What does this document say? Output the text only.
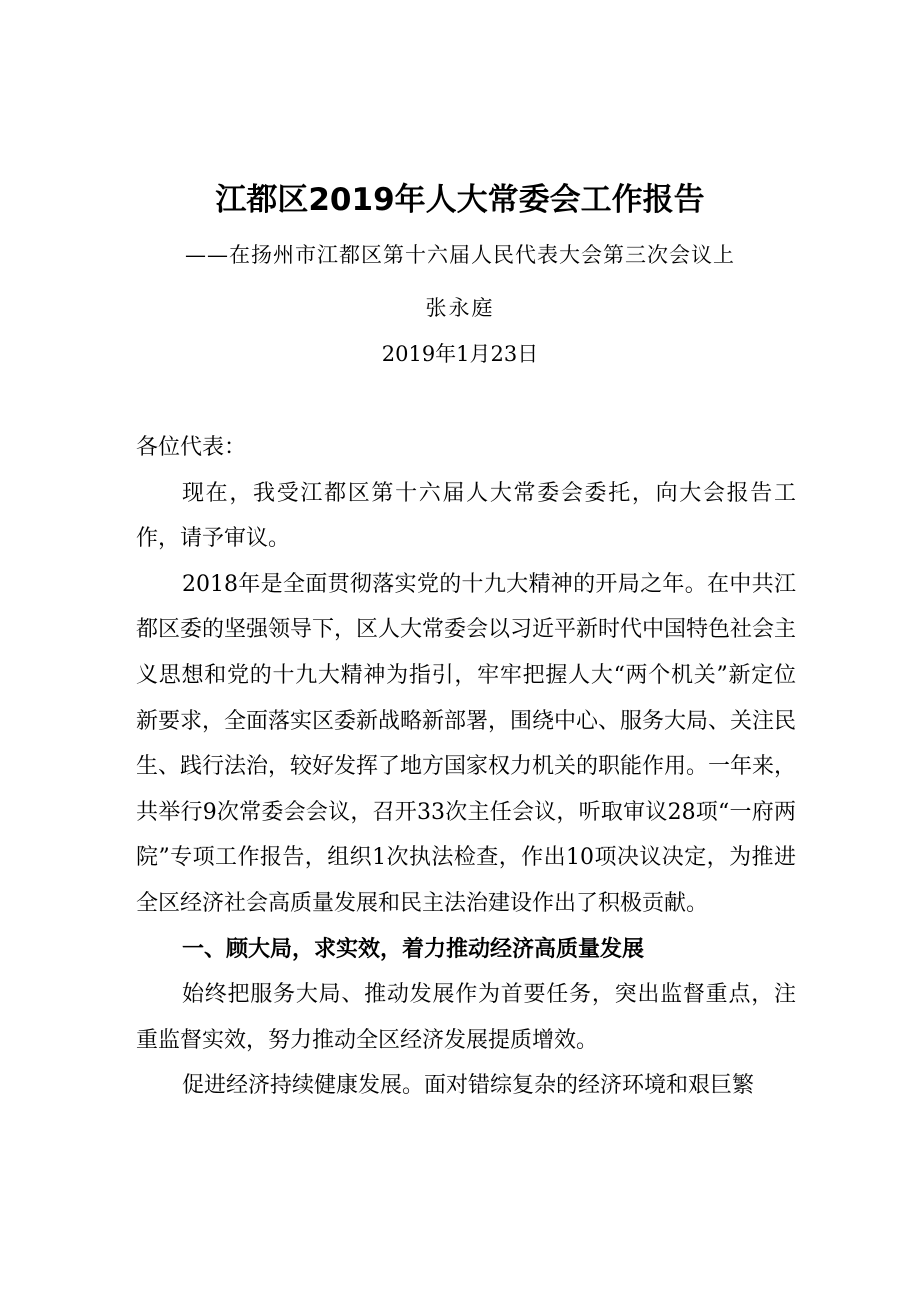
江都区2019年人大常委会工作报告
——在扬州市江都区第十六届人民代表大会第三次会议上
张永庭
2019年1月23日

各位代表：

现在，我受江都区第十六届人大常委会委托，向大会报告工作，请予审议。

2018年是全面贯彻落实党的十九大精神的开局之年。在中共江都区委的坚强领导下，区人大常委会以习近平新时代中国特色社会主义思想和党的十九大精神为指引，牢牢把握人大“两个机关”新定位新要求，全面落实区委新战略新部署，围绕中心、服务大局、关注民生、践行法治，较好发挥了地方国家权力机关的职能作用。一年来，共举行9次常委会会议，召开33次主任会议，听取审议28项“一府两院”专项工作报告，组织1次执法检查，作出10项决议决定，为推进全区经济社会高质量发展和民主法治建设作出了积极贡献。

一、顾大局，求实效，着力推动经济高质量发展

始终把服务大局、推动发展作为首要任务，突出监督重点，注重监督实效，努力推动全区经济发展提质增效。

促进经济持续健康发展。面对错综复杂的经济环境和艰巨繁
